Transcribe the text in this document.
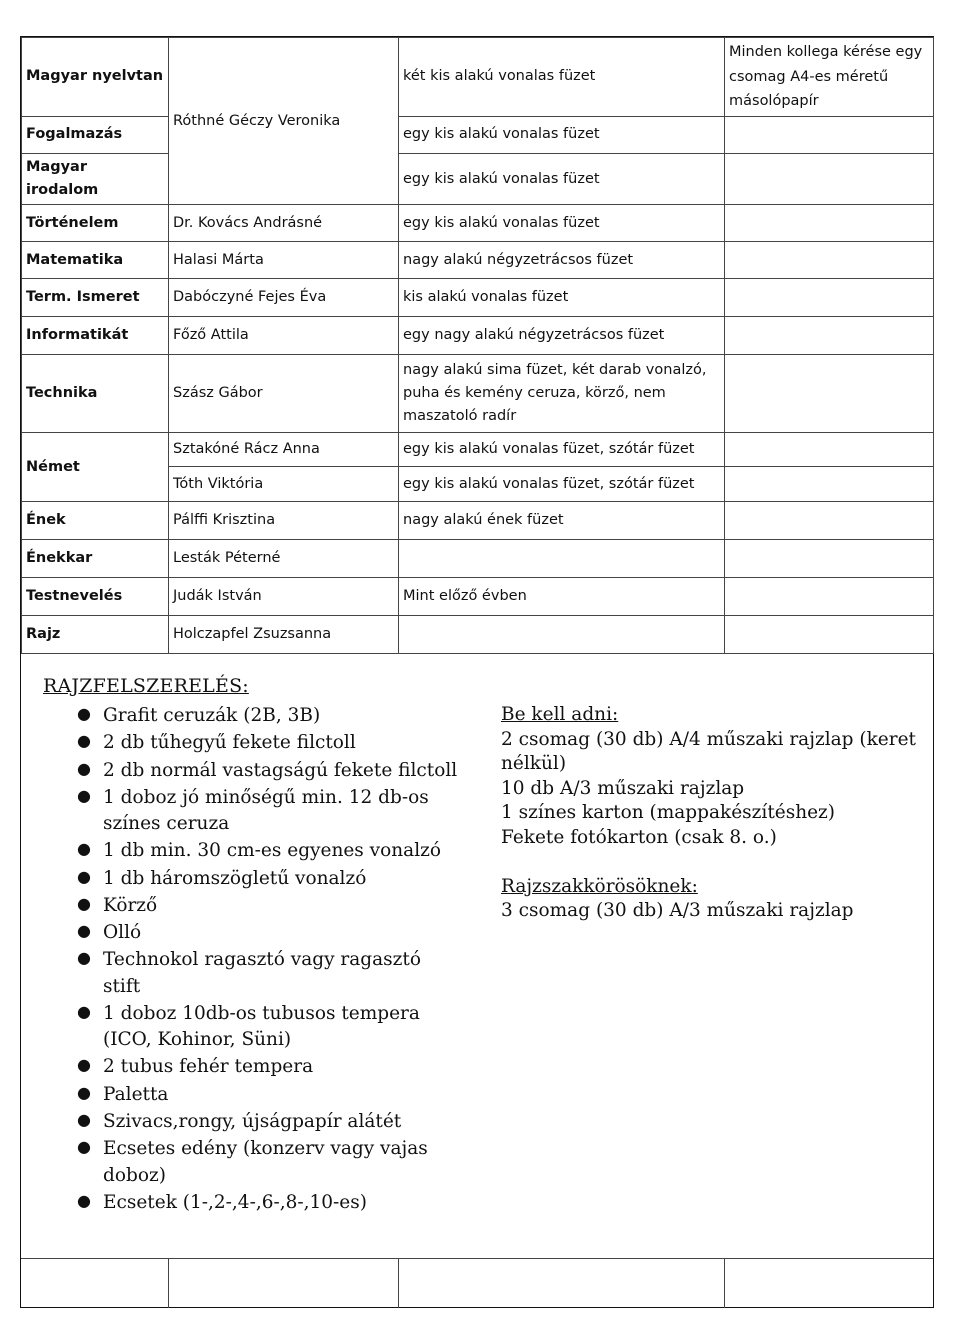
Magyar nyelvtan	Róthné Géczy Veronika	két kis alakú vonalas füzet	Minden kollega kérése egy csomag A4-es méretű másolópapír
Fogalmazás		egy kis alakú vonalas füzet	
Magyar irodalom		egy kis alakú vonalas füzet	
Történelem	Dr. Kovács Andrásné	egy kis alakú vonalas füzet	
Matematika	Halasi Márta	nagy alakú négyzetrácsos füzet	
Term. Ismeret	Dabóczyné Fejes Éva	kis alakú vonalas füzet	
Informatikát	Főző Attila	egy nagy alakú négyzetrácsos füzet	
Technika	Szász Gábor	nagy alakú sima füzet, két darab vonalzó, puha és kemény ceruza, körző, nem maszatoló radír	
Német	Sztakóné Rácz Anna	egy kis alakú vonalas füzet, szótár füzet	
	Tóth Viktória	egy kis alakú vonalas füzet, szótár füzet	
Ének	Pálffi Krisztina	nagy alakú ének füzet	
Énekkar	Lesták Péterné		
Testnevelés	Judák István	Mint előző évben	
Rajz	Holczapfel Zsuzsanna		
RAJZFELSZERELÉS:
● Grafit ceruzák (2B, 3B)
● 2 db tűhegyű fekete filctoll
● 2 db normál vastagságú fekete filctoll
● 1 doboz jó minőségű min. 12 db-os színes ceruza
● 1 db min. 30 cm-es egyenes vonalzó
● 1 db háromszögletű vonalzó
● Körző
● Olló
● Technokol ragasztó vagy ragasztó stift
● 1 doboz 10db-os tubusos tempera (ICO, Kohinor, Süni)
● 2 tubus fehér tempera
● Paletta
● Szivacs,rongy, újságpapír alátét
● Ecsetes edény (konzerv vagy vajas doboz)
● Ecsetek (1-,2-,4-,6-,8-,10-es)
Be kell adni:
2 csomag (30 db) A/4 műszaki rajzlap (keret nélkül)
10 db A/3 műszaki rajzlap
1 színes karton (mappakészítéshez)
Fekete fotókarton (csak 8. o.)
Rajzszakkörösöknek:
3 csomag (30 db) A/3 műszaki rajzlap
